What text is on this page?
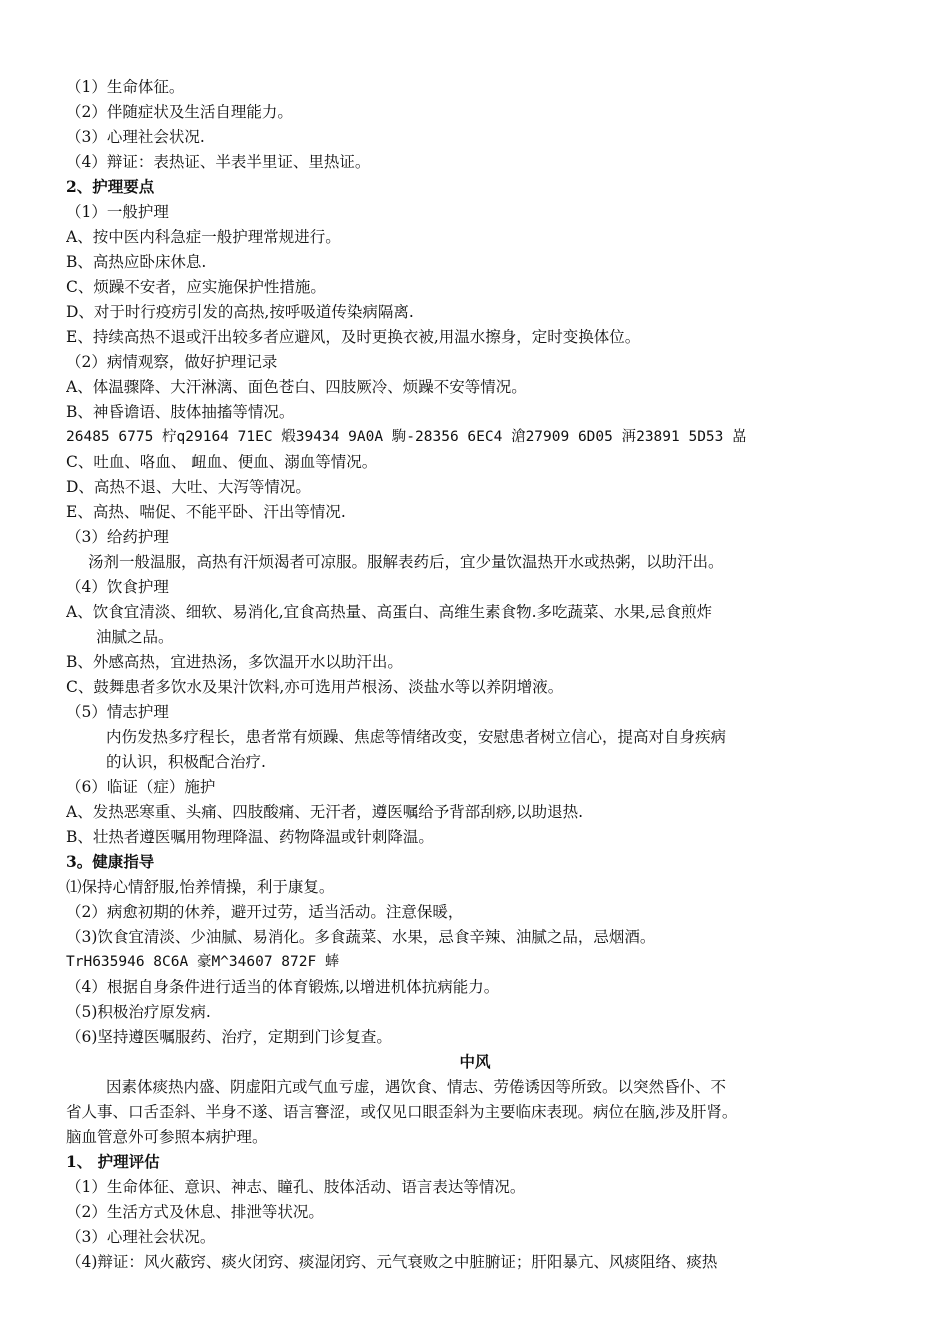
（1）生命体征。
（2）伴随症状及生活自理能力。
（3）心理社会状况.
（4）辩证：表热证、半表半里证、里热证。
2、护理要点
（1）一般护理
A、按中医内科急症一般护理常规进行。
B、高热应卧床休息.
C、烦躁不安者，应实施保护性措施。
D、对于时行疫疠引发的高热,按呼吸道传染病隔离.
E、持续高热不退或汗出较多者应避风，及时更换衣被,用温水擦身，定时变换体位。
（2）病情观察，做好护理记录
A、体温骤降、大汗淋漓、面色苍白、四肢厥冷、烦躁不安等情况。
B、神昏谵语、肢体抽搐等情况。
26485 6775 柠q29164 71EC 煅39434 9A0A 駒-28356 6EC4 滄27909 6D05 洅23891 5D53 嵓
C、吐血、咯血、 衄血、便血、溺血等情况。
D、高热不退、大吐、大泻等情况。
E、高热、喘促、不能平卧、汗出等情况.
（3）给药护理
汤剂一般温服，高热有汗烦渴者可凉服。服解表药后，宜少量饮温热开水或热粥，以助汗出。
（4）饮食护理
A、饮食宜清淡、细软、易消化,宜食高热量、高蛋白、高维生素食物.多吃蔬菜、水果,忌食煎炸
油腻之品。
B、外感高热，宜进热汤，多饮温开水以助汗出。
C、鼓舞患者多饮水及果汁饮料,亦可选用芦根汤、淡盐水等以养阴增液。
（5）情志护理
内伤发热多疗程长，患者常有烦躁、焦虑等情绪改变，安慰患者树立信心，提高对自身疾病
的认识，积极配合治疗.
（6）临证（症）施护
A、发热恶寒重、头痛、四肢酸痛、无汗者，遵医嘱给予背部刮痧,以助退热.
B、壮热者遵医嘱用物理降温、药物降温或针刺降温。
3。健康指导
⑴保持心情舒服,怡养情操，利于康复。
（2）病愈初期的休养，避开过劳，适当活动。注意保暖，
（3)饮食宜清淡、少油腻、易消化。多食蔬菜、水果，忌食辛辣、油腻之品，忌烟酒。
TrH635946 8C6A 豪M^34607 872F 蜯
（4）根据自身条件进行适当的体育锻炼,以增进机体抗病能力。
（5)积极治疗原发病.
（6)坚持遵医嘱服药、治疗，定期到门诊复查。
中风
因素体痰热内盛、阴虚阳亢或气血亏虚，遇饮食、情志、劳倦诱因等所致。以突然昏仆、不
省人事、口舌歪斜、半身不遂、语言謇涩，或仅见口眼歪斜为主要临床表现。病位在脑,涉及肝肾。
脑血管意外可参照本病护理。
1、 护理评估
（1）生命体征、意识、神志、瞳孔、肢体活动、语言表达等情况。
（2）生活方式及休息、排泄等状况。
（3）心理社会状况。
（4)辩证：风火蔽窍、痰火闭窍、痰湿闭窍、元气衰败之中脏腑证；肝阳暴亢、风痰阻络、痰热
